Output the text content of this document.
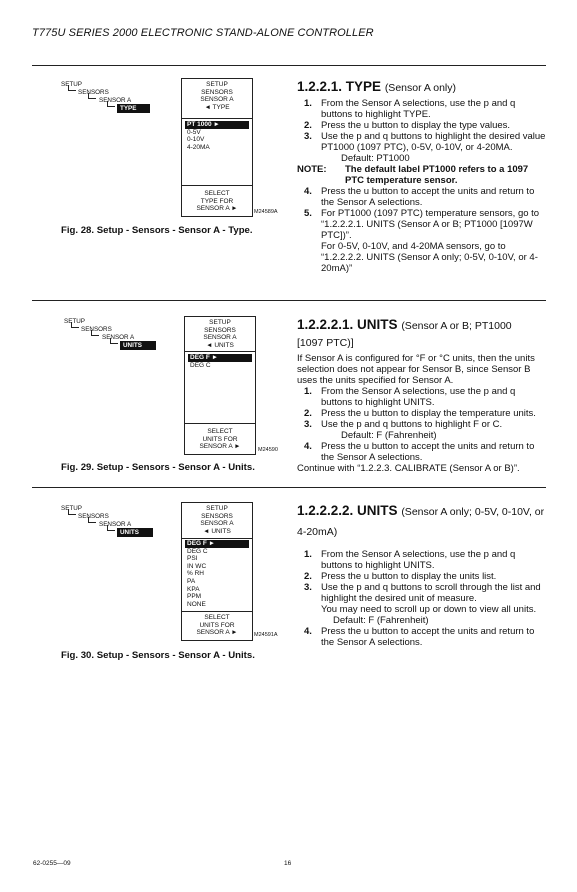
T775U SERIES 2000 ELECTRONIC STAND-ALONE CONTROLLER
SETUP
SENSORS
SENSOR A
TYPE
SETUP
SENSORS
SENSOR A
◄ TYPE
PT 1000 ►
0-5V
0-10V
4-20MA
SELECT
TYPE FOR
SENSOR A ►	M24589A
Fig. 28. Setup - Sensors - Sensor A - Type.
SETUP
SENSORS
SENSOR A
UNITS
SETUP
SENSORS
SENSOR A
◄ UNITS
DEG F ►
DEG C
SELECT
UNITS FOR
SENSOR A ►	M24590
Fig. 29. Setup - Sensors - Sensor A - Units.
SETUP
SENSORS
SENSOR A
UNITS
SETUP
SENSORS
SENSOR A
◄ UNITS
DEG F ►
DEG C
PSI
IN WC
% RH
PA
KPA
PPM
NONE
SELECT
UNITS FOR
SENSOR A ►	M24591A
Fig. 30. Setup - Sensors - Sensor A - Units.
1.2.2.1. TYPE (Sensor A only)
1. From the Sensor A selections, use the p and q buttons to highlight TYPE.
2. Press the u button to display the type values.
3. Use the p and q buttons to highlight the desired value PT1000 (1097 PTC), 0-5V, 0-10V, or 4-20MA.
Default: PT1000
NOTE: The default label PT1000 refers to a 1097 PTC temperature sensor.
4. Press the u button to accept the units and return to the Sensor A selections.
5. For PT1000 (1097 PTC) temperature sensors, go to “1.2.2.2.1. UNITS (Sensor A or B; PT1000 [1097W PTC])”.
For 0-5V, 0-10V, and 4-20MA sensors, go to “1.2.2.2.2. UNITS (Sensor A only; 0-5V, 0-10V, or 4-20mA)”
1.2.2.2.1. UNITS (Sensor A or B; PT1000
[1097 PTC)]
If Sensor A is configured for °F or °C units, then the units selection does not appear for Sensor B, since Sensor B uses the units specified for Sensor A.
1. From the Sensor A selections, use the p and q buttons to highlight UNITS.
2. Press the u button to display the temperature units.
3. Use the p and q buttons to highlight F or C.
Default: F (Fahrenheit)
4. Press the u button to accept the units and return to the Sensor A selections.
Continue with “1.2.2.3. CALIBRATE (Sensor A or B)”.
1.2.2.2.2. UNITS (Sensor A only; 0-5V, 0-10V, or
4-20mA)
1. From the Sensor A selections, use the p and q buttons to highlight UNITS.
2. Press the u button to display the units list.
3. Use the p and q buttons to scroll through the list and highlight the desired unit of measure.
You may need to scroll up or down to view all units.
Default: F (Fahrenheit)
4. Press the u button to accept the units and return to the Sensor A selections.
62-0255—09	16
